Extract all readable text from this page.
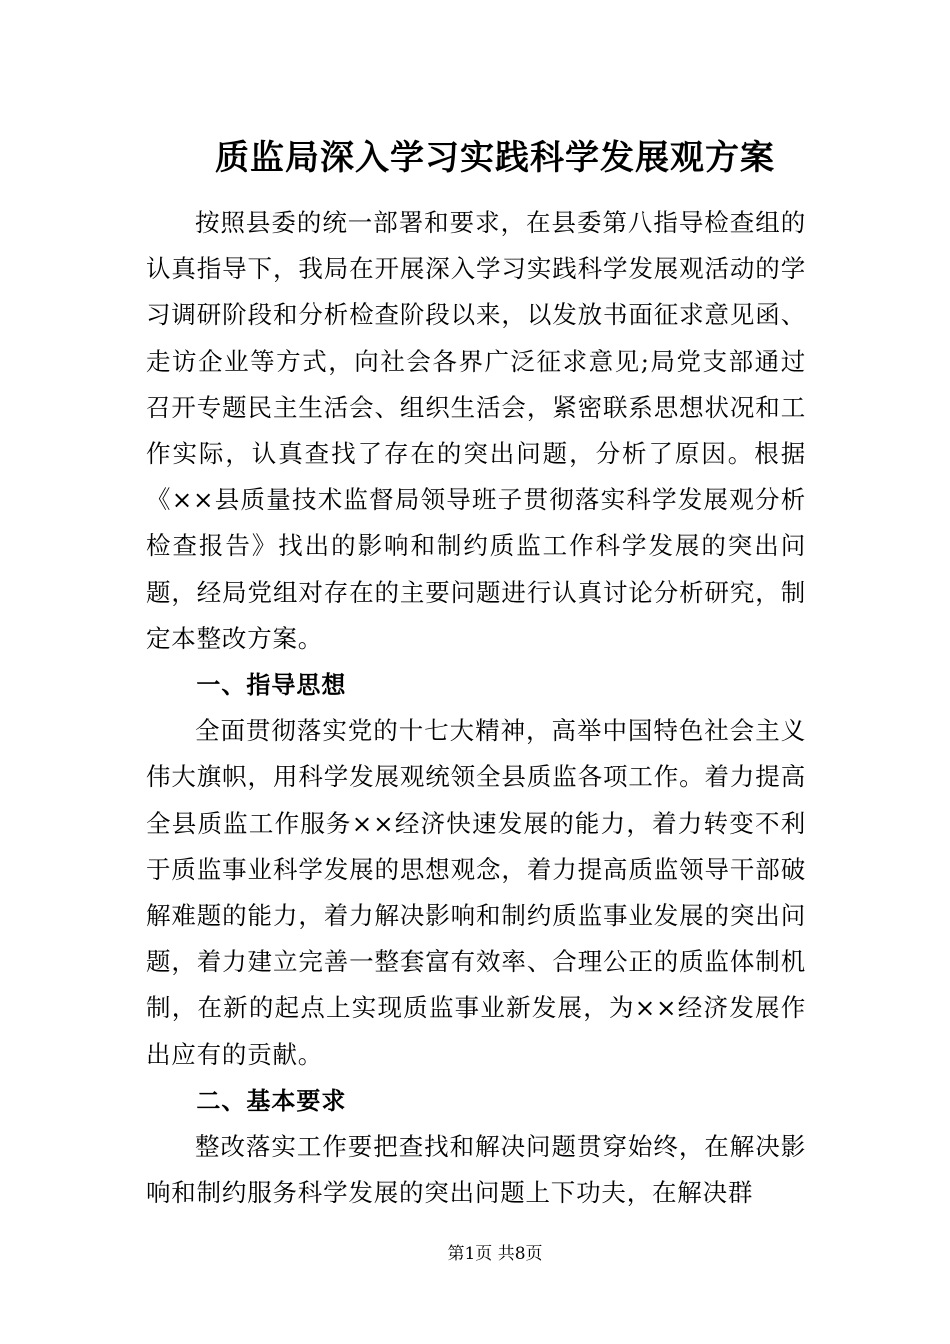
质监局深入学习实践科学发展观方案

按照县委的统一部署和要求，在县委第八指导检查组的认真指导下，我局在开展深入学习实践科学发展观活动的学习调研阶段和分析检查阶段以来，以发放书面征求意见函、走访企业等方式，向社会各界广泛征求意见;局党支部通过召开专题民主生活会、组织生活会，紧密联系思想状况和工作实际，认真查找了存在的突出问题，分析了原因。根据《××县质量技术监督局领导班子贯彻落实科学发展观分析检查报告》找出的影响和制约质监工作科学发展的突出问题，经局党组对存在的主要问题进行认真讨论分析研究，制定本整改方案。

一、指导思想

全面贯彻落实党的十七大精神，高举中国特色社会主义伟大旗帜，用科学发展观统领全县质监各项工作。着力提高全县质监工作服务××经济快速发展的能力，着力转变不利于质监事业科学发展的思想观念，着力提高质监领导干部破解难题的能力，着力解决影响和制约质监事业发展的突出问题，着力建立完善一整套富有效率、合理公正的质监体制机制，在新的起点上实现质监事业新发展，为××经济发展作出应有的贡献。

二、基本要求

整改落实工作要把查找和解决问题贯穿始终，在解决影响和制约服务科学发展的突出问题上下功夫，在解决群

第1页 共8页
